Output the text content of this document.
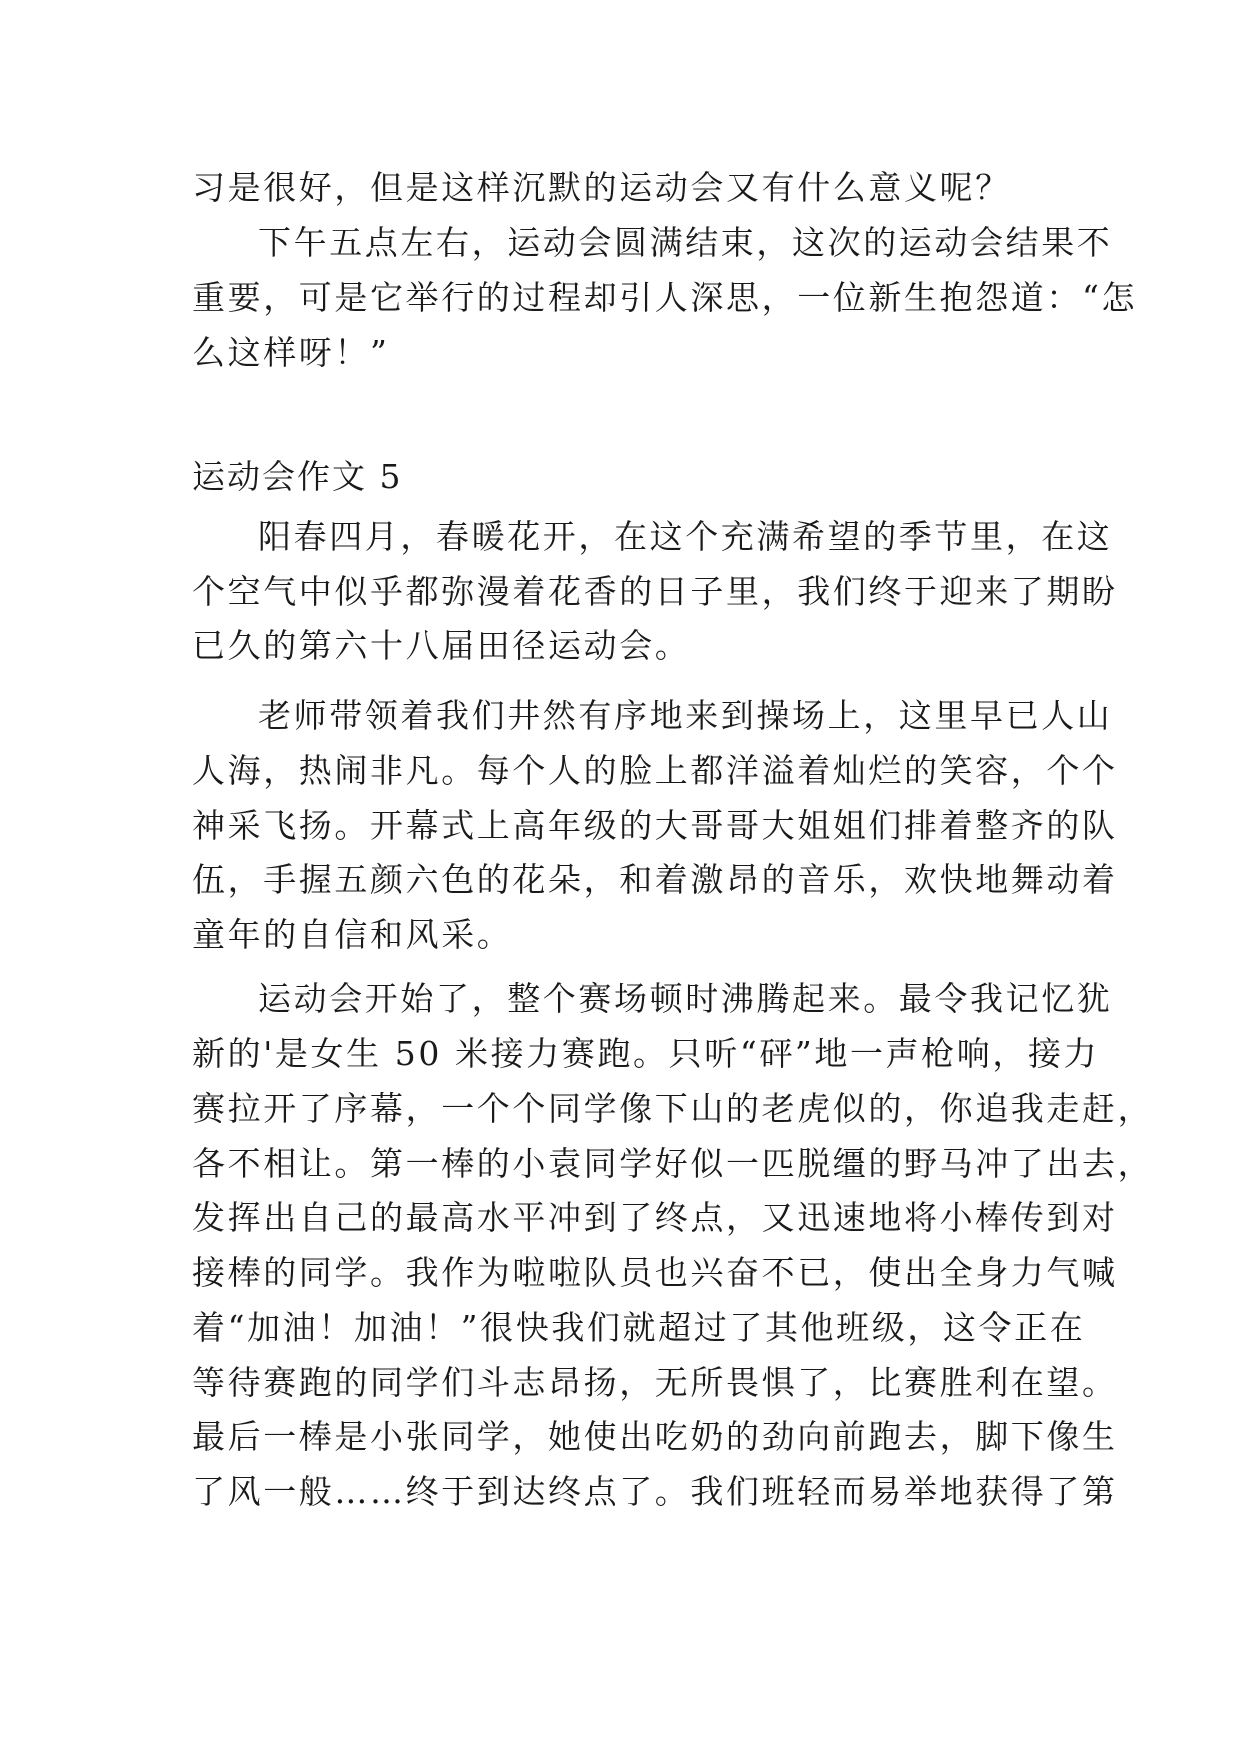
习是很好，但是这样沉默的运动会又有什么意义呢？
下午五点左右，运动会圆满结束，这次的运动会结果不
重要，可是它举行的过程却引人深思，一位新生抱怨道：“怎
么这样呀！”
运动会作文 5
阳春四月，春暖花开，在这个充满希望的季节里，在这
个空气中似乎都弥漫着花香的日子里，我们终于迎来了期盼
已久的第六十八届田径运动会。
老师带领着我们井然有序地来到操场上，这里早已人山
人海，热闹非凡。每个人的脸上都洋溢着灿烂的笑容，个个
神采飞扬。开幕式上高年级的大哥哥大姐姐们排着整齐的队
伍，手握五颜六色的花朵，和着激昂的音乐，欢快地舞动着
童年的自信和风采。
运动会开始了，整个赛场顿时沸腾起来。最令我记忆犹
新的'是女生 50 米接力赛跑。只听“砰”地一声枪响，接力
赛拉开了序幕，一个个同学像下山的老虎似的，你追我走赶，
各不相让。第一棒的小袁同学好似一匹脱缰的野马冲了出去，
发挥出自己的最高水平冲到了终点，又迅速地将小棒传到对
接棒的同学。我作为啦啦队员也兴奋不已，使出全身力气喊
着“加油！加油！”很快我们就超过了其他班级，这令正在
等待赛跑的同学们斗志昂扬，无所畏惧了，比赛胜利在望。
最后一棒是小张同学，她使出吃奶的劲向前跑去，脚下像生
了风一般……终于到达终点了。我们班轻而易举地获得了第
